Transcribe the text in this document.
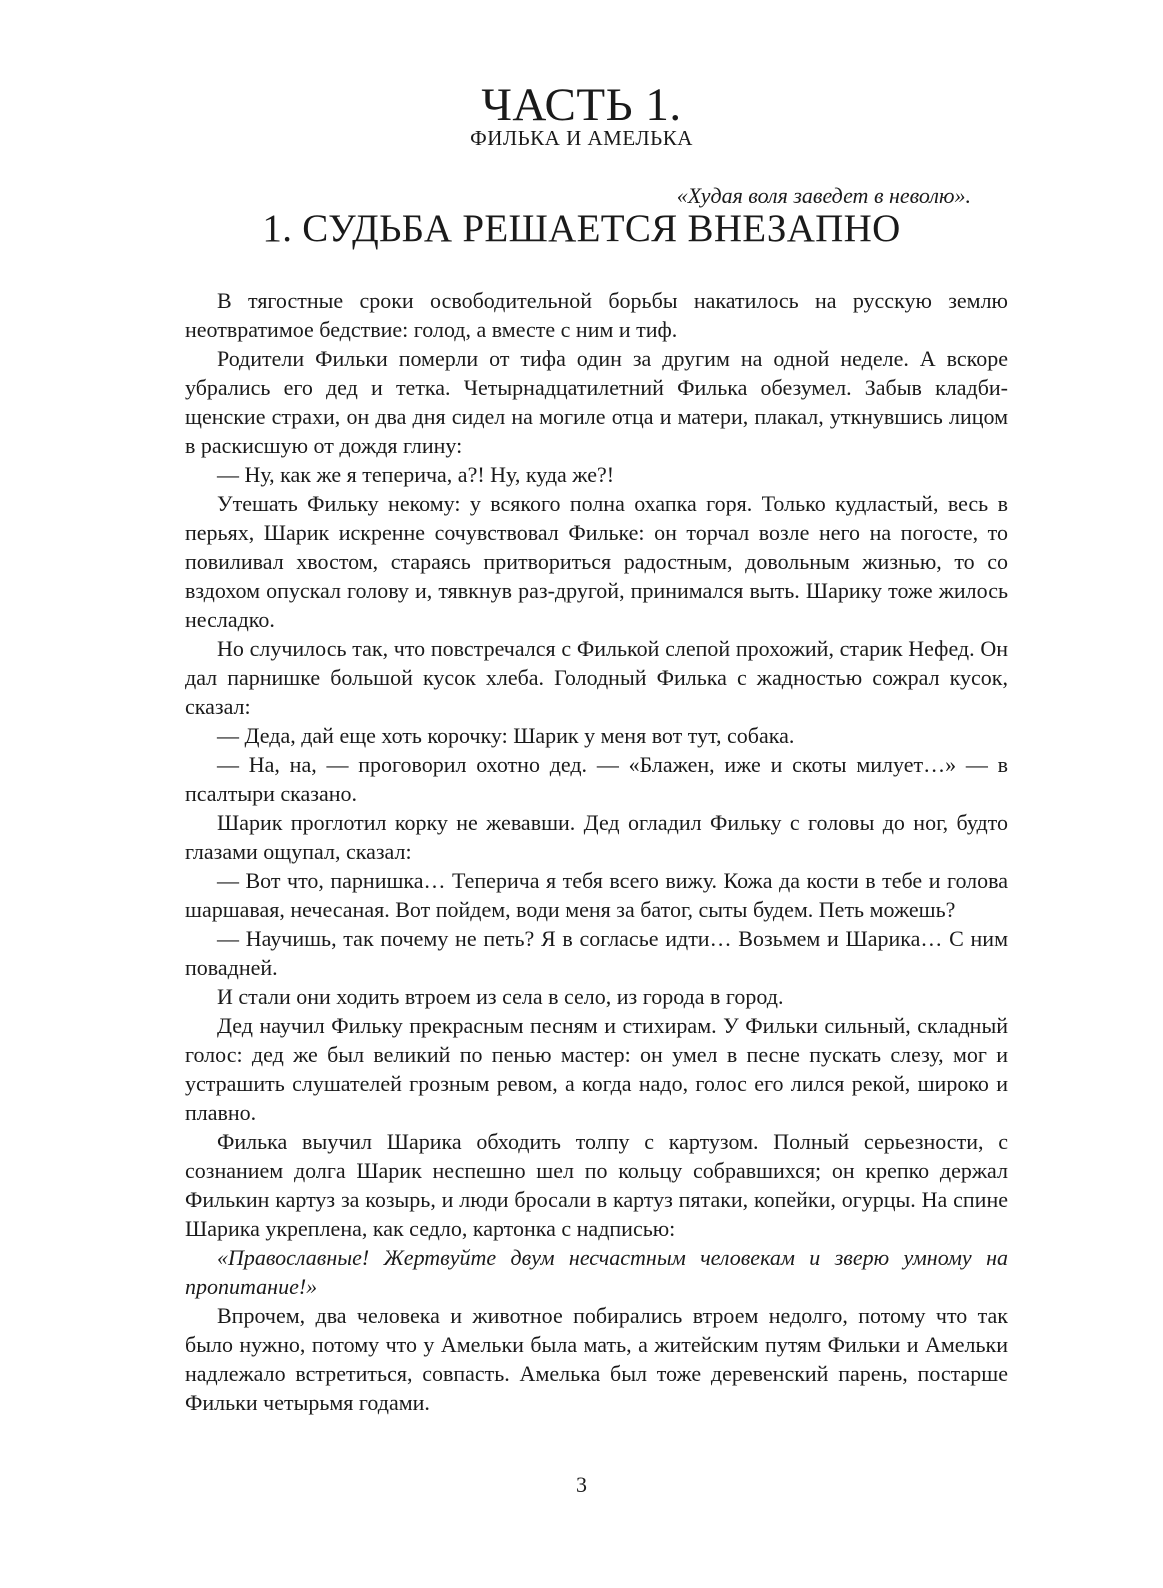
ЧАСТЬ 1.
ФИЛЬКА И АМЕЛЬКА
«Худая воля заведет в неволю».
1. СУДЬБА РЕШАЕТСЯ ВНЕЗАПНО

В тягостные сроки освободительной борьбы накатилось на русскую землю неотвратимое бедствие: голод, а вместе с ним и тиф.

Родители Фильки померли от тифа один за другим на одной неделе. А вскоре убрались его дед и тетка. Четырнадцатилетний Филька обезумел. Забыв кладбищенские страхи, он два дня сидел на могиле отца и матери, плакал, уткнувшись лицом в раскисшую от дождя глину:

— Ну, как же я теперича, а?! Ну, куда же?!

Утешать Фильку некому: у всякого полна охапка горя. Только кудластый, весь в перьях, Шарик искренне сочувствовал Фильке: он торчал возле него на погосте, то повиливал хвостом, стараясь притвориться радостным, довольным жизнью, то со вздохом опускал голову и, тявкнув раз-другой, принимался выть. Шарику тоже жилось несладко.

Но случилось так, что повстречался с Филькой слепой прохожий, старик Нефед. Он дал парнишке большой кусок хлеба. Голодный Филька с жадностью сожрал кусок, сказал:

— Деда, дай еще хоть корочку: Шарик у меня вот тут, собака.

— На, на, — проговорил охотно дед. — «Блажен, иже и скоты милует…» — в псалтыри сказано.

Шарик проглотил корку не жевавши. Дед огладил Фильку с головы до ног, будто глазами ощупал, сказал:

— Вот что, парнишка… Теперича я тебя всего вижу. Кожа да кости в тебе и голова шаршавая, нечесаная. Вот пойдем, води меня за батог, сыты будем. Петь можешь?

— Научишь, так почему не петь? Я в согласье идти… Возьмем и Шарика… С ним повадней.

И стали они ходить втроем из села в село, из города в город.

Дед научил Фильку прекрасным песням и стихирам. У Фильки сильный, складный голос: дед же был великий по пенью мастер: он умел в песне пускать слезу, мог и устрашить слушателей грозным ревом, а когда надо, голос его лился рекой, широко и плавно.

Филька выучил Шарика обходить толпу с картузом. Полный серьезности, с сознанием долга Шарик неспешно шел по кольцу собравшихся; он крепко держал Филькин картуз за козырь, и люди бросали в картуз пятаки, копейки, огурцы. На спине Шарика укреплена, как седло, картонка с надписью:

«Православные! Жертвуйте двум несчастным человекам и зверю умному на пропитание!»

Впрочем, два человека и животное побирались втроем недолго, потому что так было нужно, потому что у Амельки была мать, а житейским путям Фильки и Амельки надлежало встретиться, совпасть. Амелька был тоже деревенский парень, постарше Фильки четырьмя годами.

3
